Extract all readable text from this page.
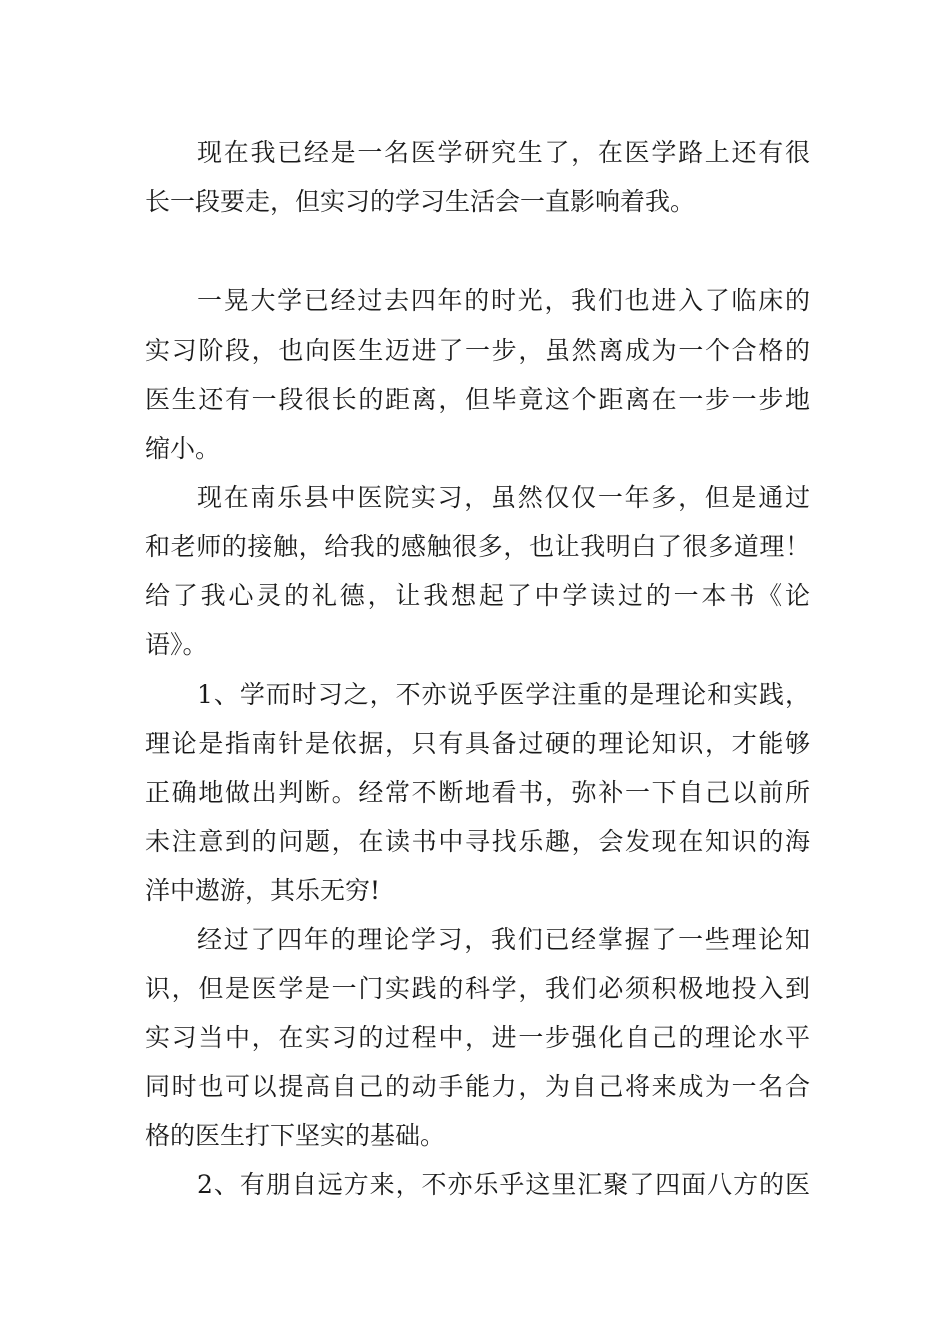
现在我已经是一名医学研究生了，在医学路上还有很
长一段要走，但实习的学习生活会一直影响着我。
一晃大学已经过去四年的时光，我们也进入了临床的
实习阶段，也向医生迈进了一步，虽然离成为一个合格的
医生还有一段很长的距离，但毕竟这个距离在一步一步地
缩小。
现在南乐县中医院实习，虽然仅仅一年多，但是通过
和老师的接触，给我的感触很多，也让我明白了很多道理！
给了我心灵的礼德，让我想起了中学读过的一本书《论
语》。
1、学而时习之，不亦说乎医学注重的是理论和实践，
理论是指南针是依据，只有具备过硬的理论知识，才能够
正确地做出判断。经常不断地看书，弥补一下自己以前所
未注意到的问题，在读书中寻找乐趣，会发现在知识的海
洋中遨游，其乐无穷!
经过了四年的理论学习，我们已经掌握了一些理论知
识，但是医学是一门实践的科学，我们必须积极地投入到
实习当中，在实习的过程中，进一步强化自己的理论水平
同时也可以提高自己的动手能力，为自己将来成为一名合
格的医生打下坚实的基础。
2、有朋自远方来，不亦乐乎这里汇聚了四面八方的医
